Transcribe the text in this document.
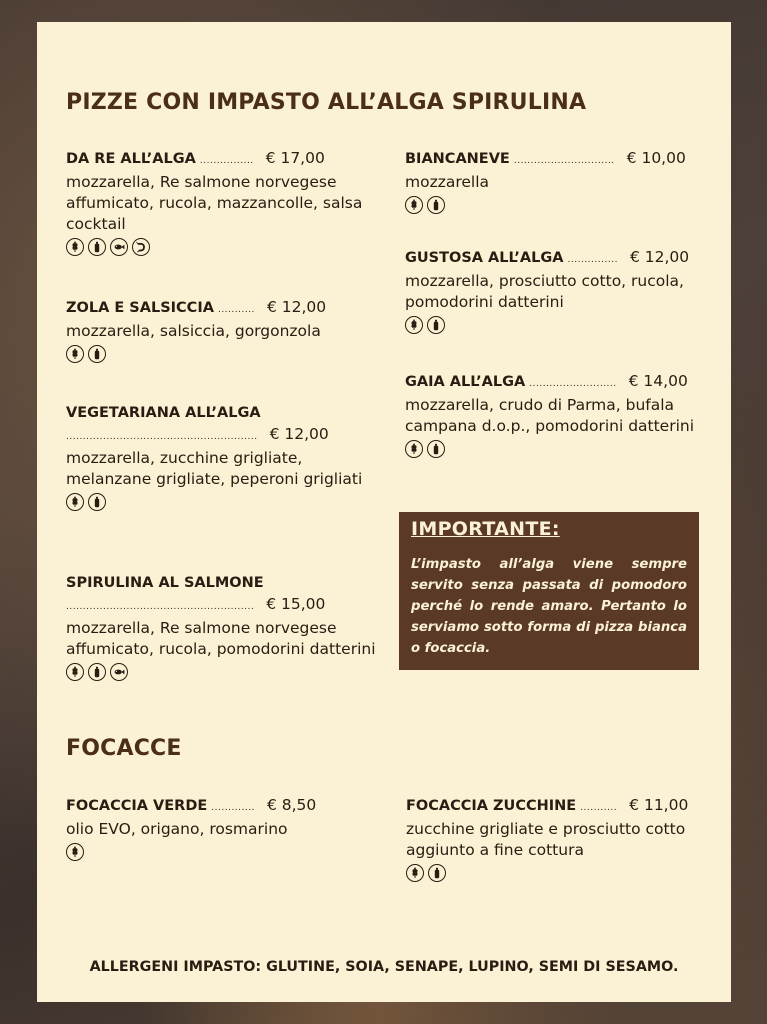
PIZZE CON IMPASTO ALL’ALGA SPIRULINA
DA RE ALL’ALGA ................ € 17,00
mozzarella, Re salmone norvegese affumicato, rucola, mazzancolle, salsa cocktail
ZOLA E SALSICCIA ........... € 12,00
mozzarella, salsiccia, gorgonzola
VEGETARIANA ALL’ALGA
......................................................... € 12,00
mozzarella, zucchine grigliate, melanzane grigliate, peperoni grigliati
SPIRULINA AL SALMONE
........................................................ € 15,00
mozzarella, Re salmone norvegese affumicato, rucola, pomodorini datterini
BIANCANEVE .............................. € 10,00
mozzarella
GUSTOSA ALL’ALGA ............... € 12,00
mozzarella, prosciutto cotto, rucola, pomodorini datterini
GAIA ALL’ALGA .......................... € 14,00
mozzarella, crudo di Parma, bufala campana d.o.p., pomodorini datterini
IMPORTANTE:

L’impasto all’alga viene sempre servito senza passata di pomodoro perché lo rende amaro. Pertanto lo serviamo sotto forma di pizza bianca o focaccia.

FOCACCE
FOCACCIA VERDE ............. € 8,50
olio EVO, origano, rosmarino
FOCACCIA ZUCCHINE ........... € 11,00
zucchine grigliate e prosciutto cotto aggiunto a fine cottura
ALLERGENI IMPASTO: GLUTINE, SOIA, SENAPE, LUPINO, SEMI DI SESAMO.
